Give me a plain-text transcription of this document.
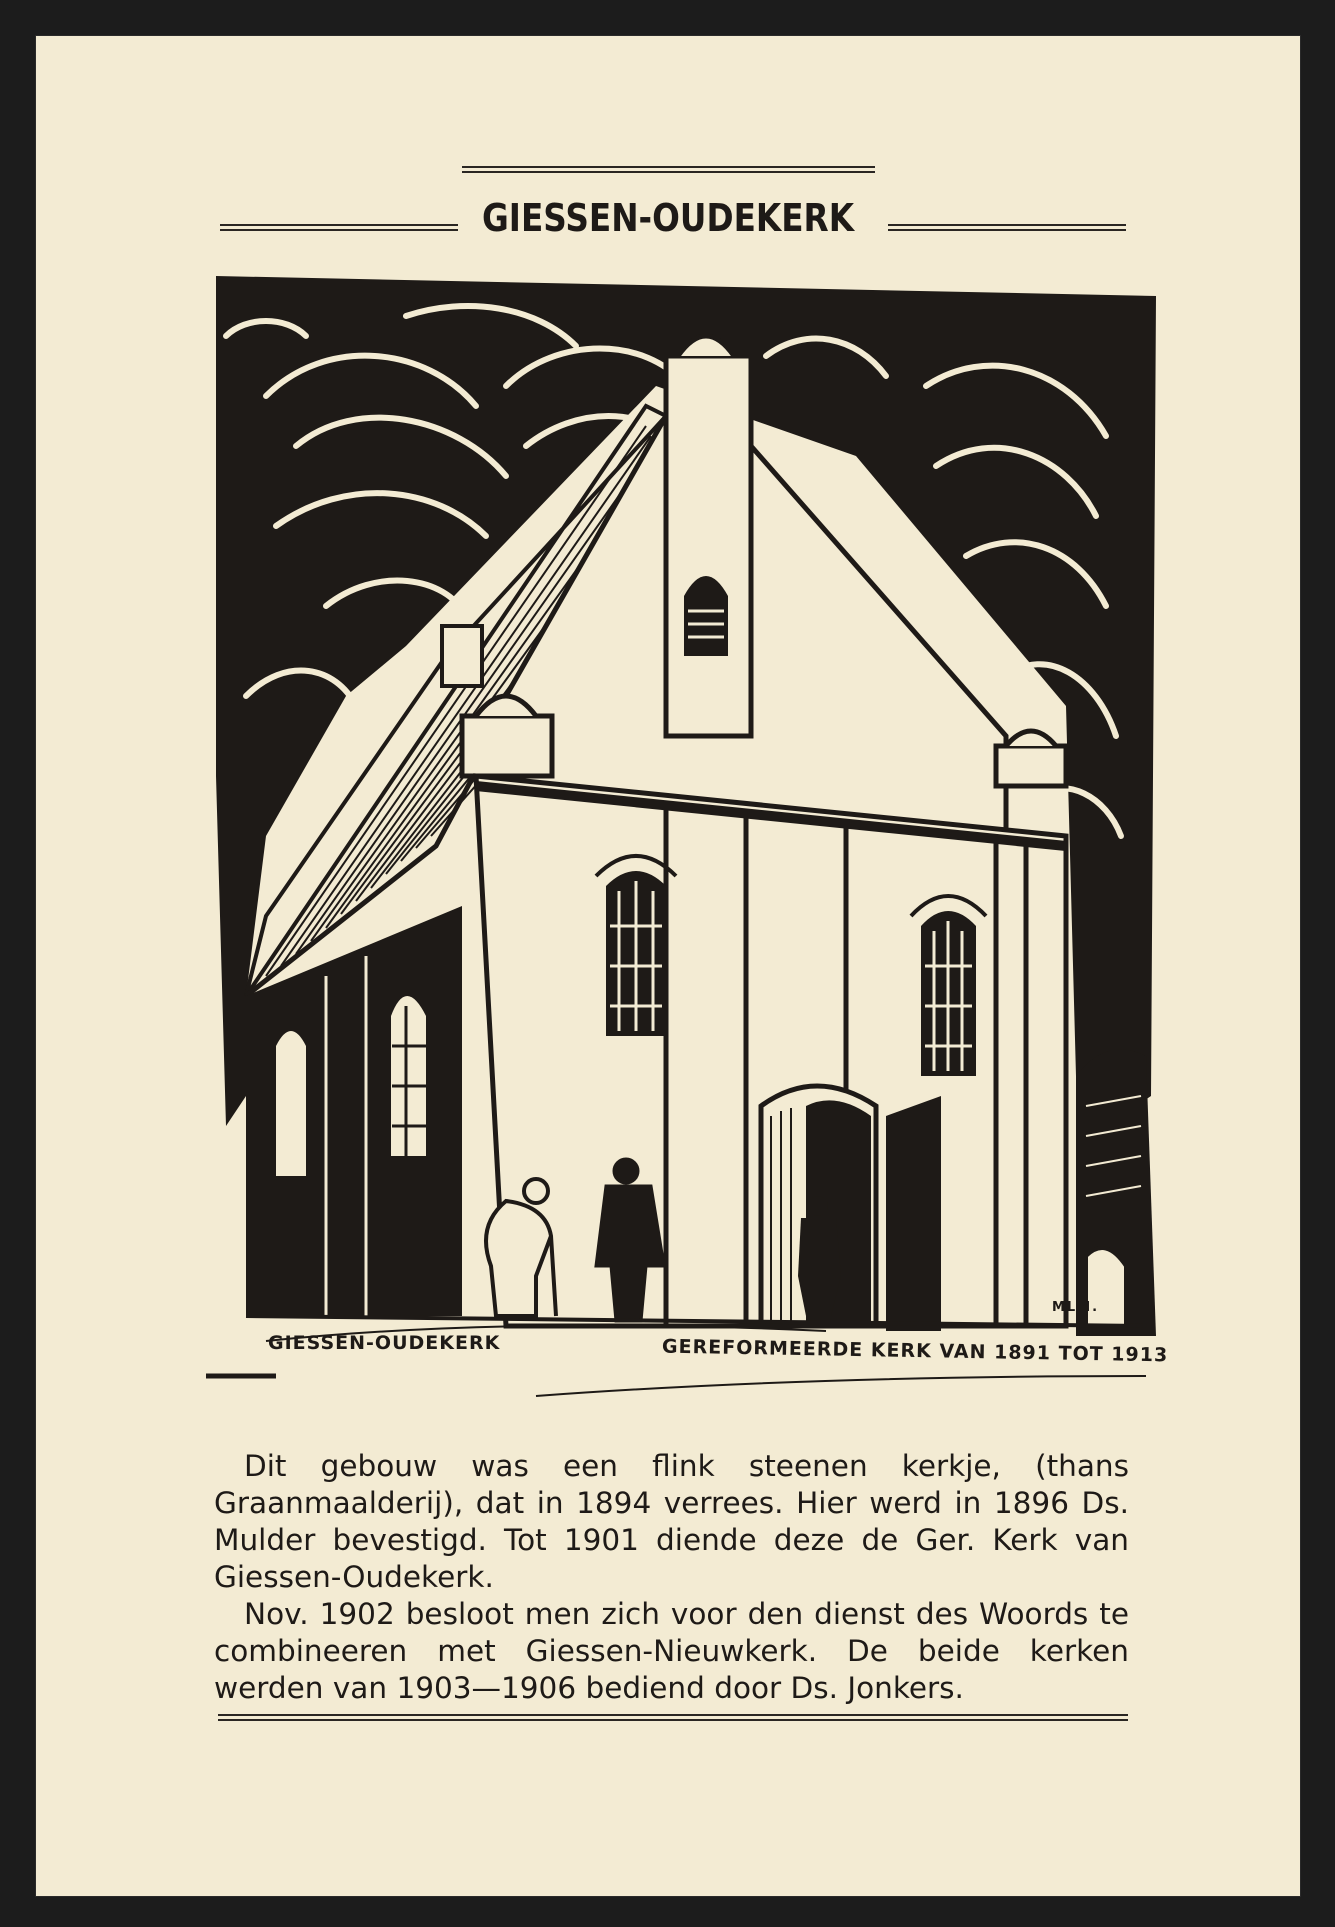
GIESSEN-OUDEKERK
GIESSEN-OUDEKERK	GEREFORMEERDE KERK VAN 1891 TOT 1913
MLM.

Dit gebouw was een flink steenen kerkje, (thans Graanmaalderij), dat in 1894 verrees. Hier werd in 1896 Ds. Mulder bevestigd. Tot 1901 diende deze de Ger. Kerk van Giessen-Oudekerk.

Nov. 1902 besloot men zich voor den dienst des Woords te combineeren met Giessen-Nieuwkerk. De beide kerken werden van 1903—1906 bediend door Ds. Jonkers.
